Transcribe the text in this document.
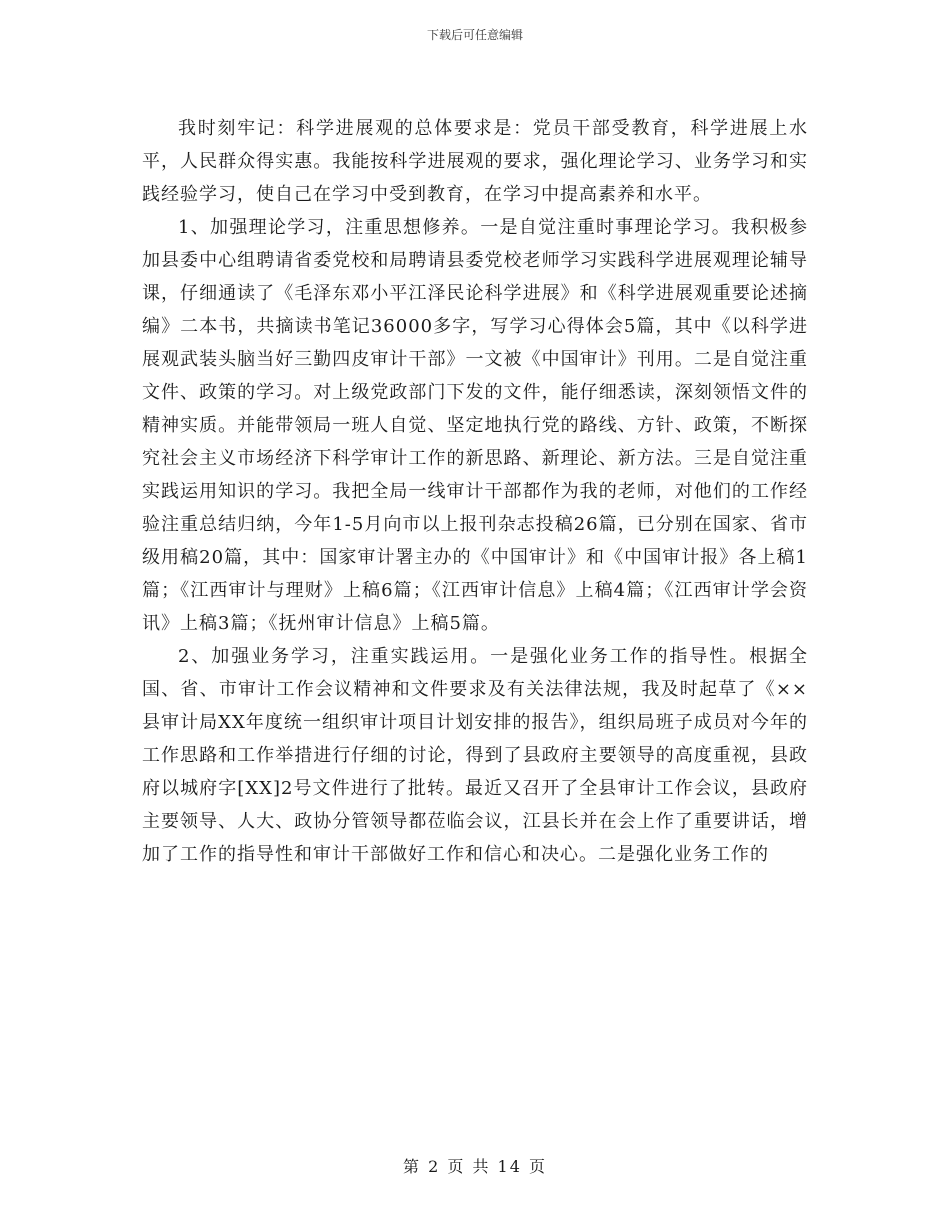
下载后可任意编辑

我时刻牢记：科学进展观的总体要求是：党员干部受教育，科学进展上水平，人民群众得实惠。我能按科学进展观的要求，强化理论学习、业务学习和实践经验学习，使自己在学习中受到教育，在学习中提高素养和水平。

1、加强理论学习，注重思想修养。一是自觉注重时事理论学习。我积极参加县委中心组聘请省委党校和局聘请县委党校老师学习实践科学进展观理论辅导课，仔细通读了《毛泽东邓小平江泽民论科学进展》和《科学进展观重要论述摘编》二本书，共摘读书笔记36000多字，写学习心得体会5篇，其中《以科学进展观武装头脑当好三勤四皮审计干部》一文被《中国审计》刊用。二是自觉注重文件、政策的学习。对上级党政部门下发的文件，能仔细悉读，深刻领悟文件的精神实质。并能带领局一班人自觉、坚定地执行党的路线、方针、政策，不断探究社会主义市场经济下科学审计工作的新思路、新理论、新方法。三是自觉注重实践运用知识的学习。我把全局一线审计干部都作为我的老师，对他们的工作经验注重总结归纳，今年1-5月向市以上报刊杂志投稿26篇，已分别在国家、省市级用稿20篇，其中：国家审计署主办的《中国审计》和《中国审计报》各上稿1篇；《江西审计与理财》上稿6篇；《江西审计信息》上稿4篇；《江西审计学会资讯》上稿3篇；《抚州审计信息》上稿5篇。

2、加强业务学习，注重实践运用。一是强化业务工作的指导性。根据全国、省、市审计工作会议精神和文件要求及有关法律法规，我及时起草了《××县审计局XX年度统一组织审计项目计划安排的报告》，组织局班子成员对今年的工作思路和工作举措进行仔细的讨论，得到了县政府主要领导的高度重视，县政府以城府字[XX]2号文件进行了批转。最近又召开了全县审计工作会议，县政府主要领导、人大、政协分管领导都莅临会议，江县长并在会上作了重要讲话，增加了工作的指导性和审计干部做好工作和信心和决心。二是强化业务工作的

第 2 页 共 14 页
